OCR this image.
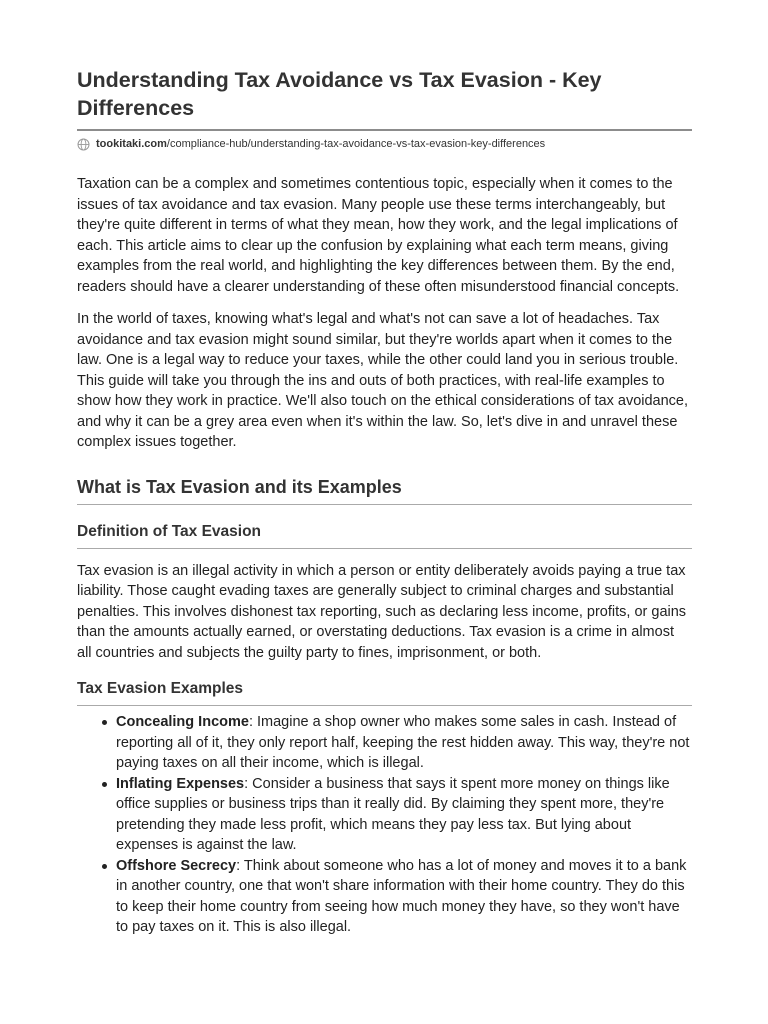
Understanding Tax Avoidance vs Tax Evasion - Key Differences
tookitaki.com /compliance-hub/understanding-tax-avoidance-vs-tax-evasion-key-differences

Taxation can be a complex and sometimes contentious topic, especially when it comes to the issues of tax avoidance and tax evasion. Many people use these terms interchangeably, but they're quite different in terms of what they mean, how they work, and the legal implications of each. This article aims to clear up the confusion by explaining what each term means, giving examples from the real world, and highlighting the key differences between them. By the end, readers should have a clearer understanding of these often misunderstood financial concepts.

In the world of taxes, knowing what's legal and what's not can save a lot of headaches. Tax avoidance and tax evasion might sound similar, but they're worlds apart when it comes to the law. One is a legal way to reduce your taxes, while the other could land you in serious trouble. This guide will take you through the ins and outs of both practices, with real-life examples to show how they work in practice. We'll also touch on the ethical considerations of tax avoidance, and why it can be a grey area even when it's within the law. So, let's dive in and unravel these complex issues together.

What is Tax Evasion and its Examples
Definition of Tax Evasion

Tax evasion is an illegal activity in which a person or entity deliberately avoids paying a true tax liability. Those caught evading taxes are generally subject to criminal charges and substantial penalties. This involves dishonest tax reporting, such as declaring less income, profits, or gains than the amounts actually earned, or overstating deductions. Tax evasion is a crime in almost all countries and subjects the guilty party to fines, imprisonment, or both.

Tax Evasion Examples
Concealing Income: Imagine a shop owner who makes some sales in cash. Instead of reporting all of it, they only report half, keeping the rest hidden away. This way, they're not paying taxes on all their income, which is illegal.
Inflating Expenses: Consider a business that says it spent more money on things like office supplies or business trips than it really did. By claiming they spent more, they're pretending they made less profit, which means they pay less tax. But lying about expenses is against the law.
Offshore Secrecy: Think about someone who has a lot of money and moves it to a bank in another country, one that won't share information with their home country. They do this to keep their home country from seeing how much money they have, so they won't have to pay taxes on it. This is also illegal.
